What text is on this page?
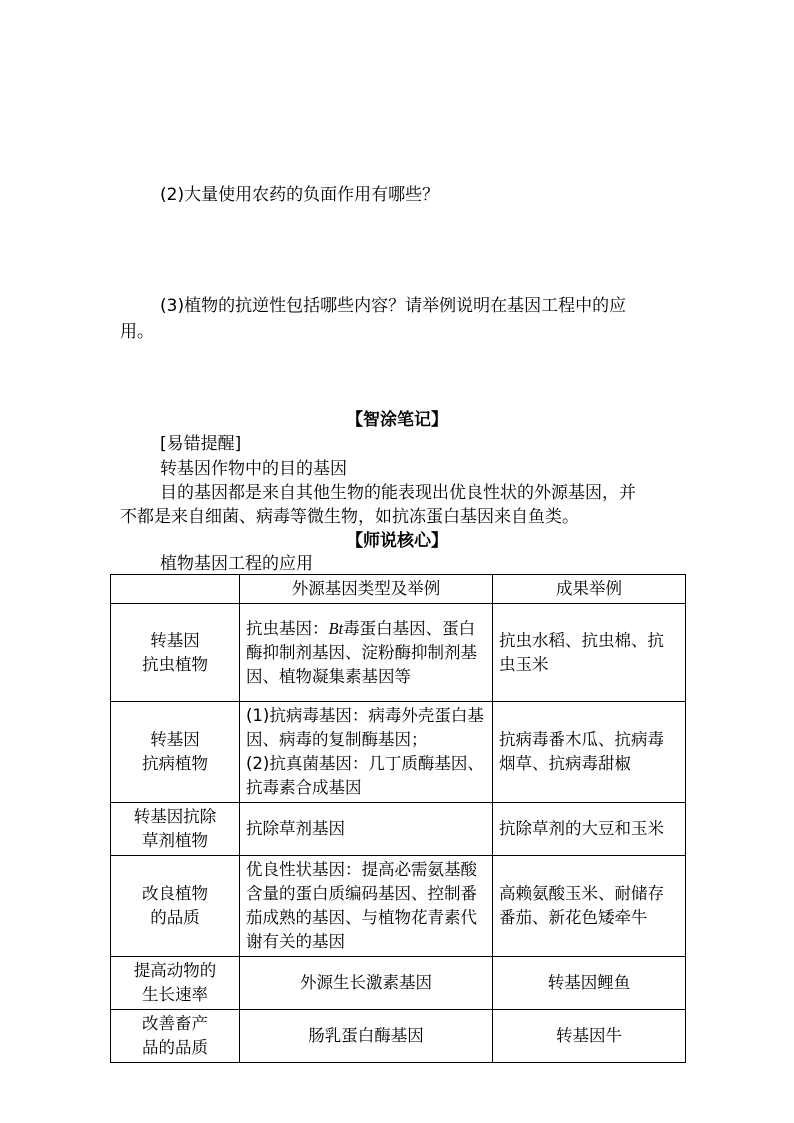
(2)大量使用农药的负面作用有哪些？
(3)植物的抗逆性包括哪些内容？请举例说明在基因工程中的应
用。
【智涂笔记】
[易错提醒]
转基因作物中的目的基因
目的基因都是来自其他生物的能表现出优良性状的外源基因，并
不都是来自细菌、病毒等微生物，如抗冻蛋白基因来自鱼类。
【师说核心】
植物基因工程的应用
	外源基因类型及举例	成果举例
转基因
抗虫植物	抗虫基因：Bt毒蛋白基因、蛋白酶抑制剂基因、淀粉酶抑制剂基因、植物凝集素基因等	抗虫水稻、抗虫棉、抗虫玉米
转基因
抗病植物	(1)抗病毒基因：病毒外壳蛋白基因、病毒的复制酶基因；
(2)抗真菌基因：几丁质酶基因、抗毒素合成基因	抗病毒番木瓜、抗病毒烟草、抗病毒甜椒
转基因抗除
草剂植物	抗除草剂基因	抗除草剂的大豆和玉米
改良植物
的品质	优良性状基因：提高必需氨基酸含量的蛋白质编码基因、控制番茄成熟的基因、与植物花青素代谢有关的基因	高赖氨酸玉米、耐储存番茄、新花色矮牵牛
提高动物的
生长速率	外源生长激素基因	转基因鲤鱼
改善畜产
品的品质	肠乳蛋白酶基因	转基因牛
